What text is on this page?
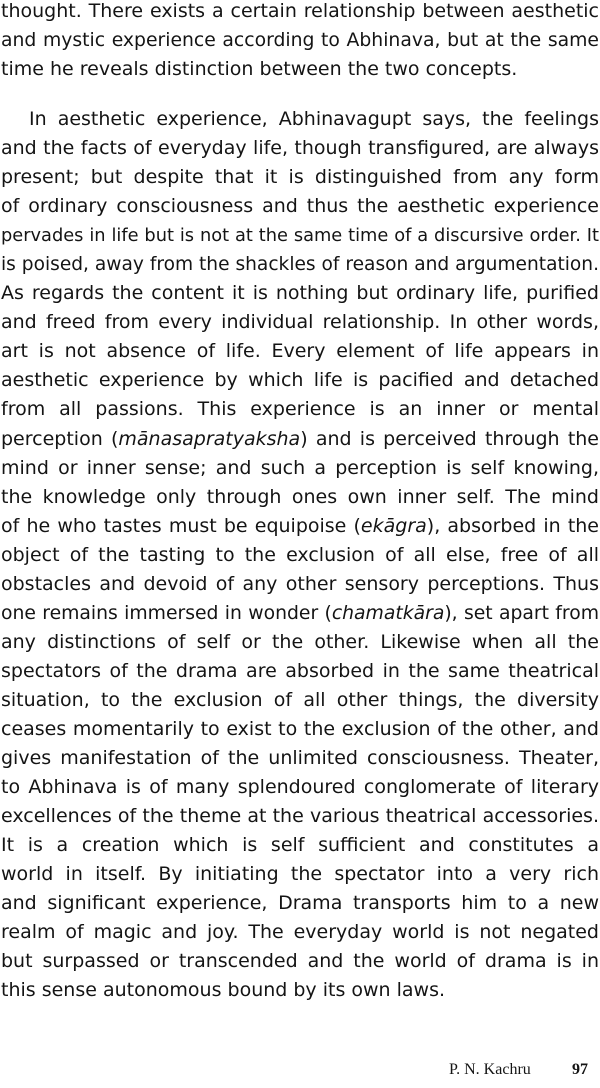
thought. There exists a certain relationship between aesthetic
and mystic experience according to Abhinava, but at the same
time he reveals distinction between the two concepts.
In aesthetic experience, Abhinavagupt says, the feelings
and the facts of everyday life, though transfigured, are always
present; but despite that it is distinguished from any form
of ordinary consciousness and thus the aesthetic experience
pervades in life but is not at the same time of a discursive order. It
is poised, away from the shackles of reason and argumentation.
As regards the content it is nothing but ordinary life, purified
and freed from every individual relationship. In other words,
art is not absence of life. Every element of life appears in
aesthetic experience by which life is pacified and detached
from all passions. This experience is an inner or mental
perception (mānasapratyaksha) and is perceived through the
mind or inner sense; and such a perception is self knowing,
the knowledge only through ones own inner self. The mind
of he who tastes must be equipoise (ekāgra), absorbed in the
object of the tasting to the exclusion of all else, free of all
obstacles and devoid of any other sensory perceptions. Thus
one remains immersed in wonder (chamatkāra), set apart from
any distinctions of self or the other. Likewise when all the
spectators of the drama are absorbed in the same theatrical
situation, to the exclusion of all other things, the diversity
ceases momentarily to exist to the exclusion of the other, and
gives manifestation of the unlimited consciousness. Theater,
to Abhinava is of many splendoured conglomerate of literary
excellences of the theme at the various theatrical accessories.
It is a creation which is self sufficient and constitutes a
world in itself. By initiating the spectator into a very rich
and significant experience, Drama transports him to a new
realm of magic and joy. The everyday world is not negated
but surpassed or transcended and the world of drama is in
this sense autonomous bound by its own laws.
P. N. Kachru	97
